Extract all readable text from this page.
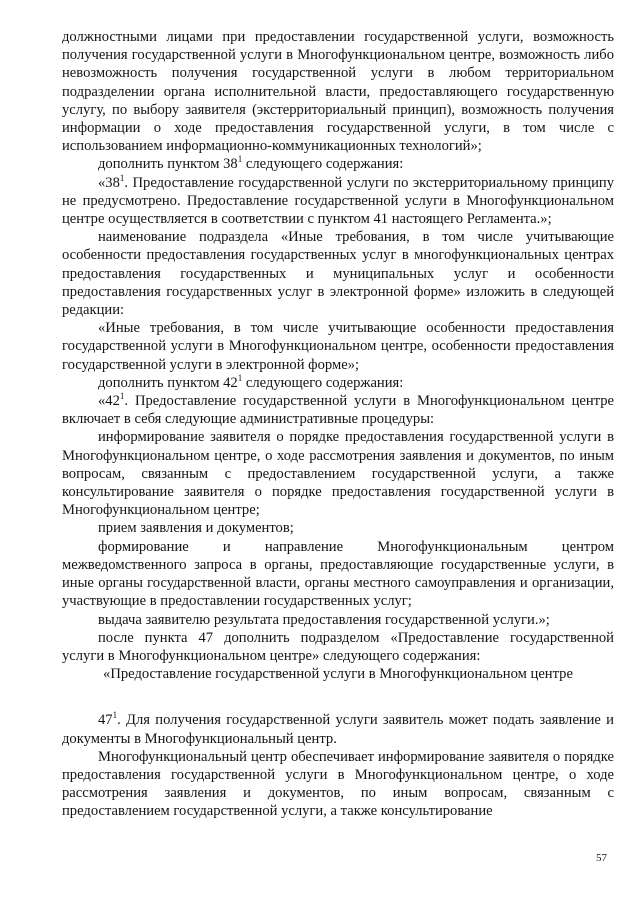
должностными лицами при предоставлении государственной услуги, возможность получения государственной услуги в Многофункциональном центре, возможность либо невозможность получения государственной услуги в любом территориальном подразделении органа исполнительной власти, предоставляющего государственную услугу, по выбору заявителя (экстерриториальный принцип), возможность получения информации о ходе предоставления государственной услуги, в том числе с использованием информационно-коммуникационных технологий»;

дополнить пунктом $38^1$ следующего содержания:

«$38^1$. Предоставление государственной услуги по экстерриториальному принципу не предусмотрено. Предоставление государственной услуги в Многофункциональном центре осуществляется в соответствии с пунктом 41 настоящего Регламента.»;

наименование подраздела «Иные требования, в том числе учитывающие особенности предоставления государственных услуг в многофункциональных центрах предоставления государственных и муниципальных услуг и особенности предоставления государственных услуг в электронной форме» изложить в следующей редакции:

«Иные требования, в том числе учитывающие особенности предоставления государственной услуги в Многофункциональном центре, особенности предоставления государственной услуги в электронной форме»;

дополнить пунктом $42^1$ следующего содержания:

«$42^1$. Предоставление государственной услуги в Многофункциональном центре включает в себя следующие административные процедуры:

информирование заявителя о порядке предоставления государственной услуги в Многофункциональном центре, о ходе рассмотрения заявления и документов, по иным вопросам, связанным с предоставлением государственной услуги, а также консультирование заявителя о порядке предоставления государственной услуги в Многофункциональном центре;

прием заявления и документов;

формирование и направление Многофункциональным центром межведомственного запроса в органы, предоставляющие государственные услуги, в иные органы государственной власти, органы местного самоуправления и организации, участвующие в предоставлении государственных услуг;

выдача заявителю результата предоставления государственной услуги.»;

после пункта 47 дополнить подразделом «Предоставление государственной услуги в Многофункциональном центре» следующего содержания:

«Предоставление государственной услуги в Многофункциональном центре

$47^1$. Для получения государственной услуги заявитель может подать заявление и документы в Многофункциональный центр.

Многофункциональный центр обеспечивает информирование заявителя о порядке предоставления государственной услуги в Многофункциональном центре, о ходе рассмотрения заявления и документов, по иным вопросам, связанным с предоставлением государственной услуги, а также консультирование

57
